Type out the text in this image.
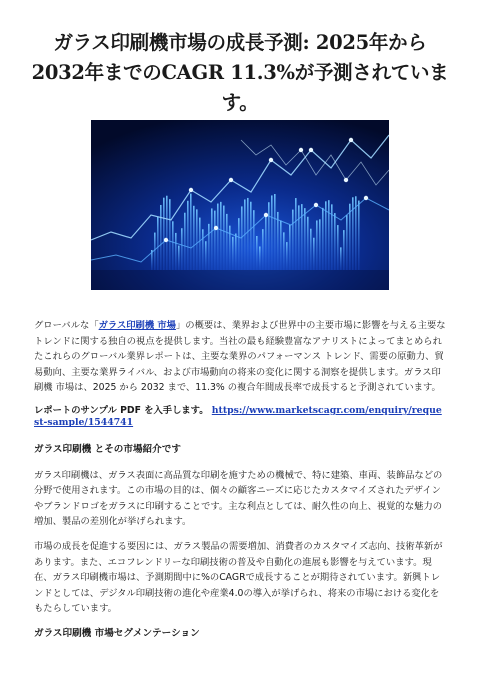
ガラス印刷機市場の成長予測: 2025年から2032年までのCAGR 11.3%が予測されています。

グローバルな「ガラス印刷機 市場」の概要は、業界および世界中の主要市場に影響を与える主要なトレンドに関する独自の視点を提供します。当社の最も経験豊富なアナリストによってまとめられたこれらのグローバル業界レポートは、主要な業界のパフォーマンス トレンド、需要の原動力、貿易動向、主要な業界ライバル、および市場動向の将来の変化に関する洞察を提供します。ガラス印刷機 市場は、2025 から 2032 まで、11.3% の複合年間成長率で成長すると予測されています。

レポートのサンプル PDF を入手します。 https://www.marketscagr.com/enquiry/request-sample/1544741

ガラス印刷機 とその市場紹介です

ガラス印刷機は、ガラス表面に高品質な印刷を施すための機械で、特に建築、車両、装飾品などの分野で使用されます。この市場の目的は、個々の顧客ニーズに応じたカスタマイズされたデザインやブランドロゴをガラスに印刷することです。主な利点としては、耐久性の向上、視覚的な魅力の増加、製品の差別化が挙げられます。

市場の成長を促進する要因には、ガラス製品の需要増加、消費者のカスタマイズ志向、技術革新があります。また、エコフレンドリーな印刷技術の普及や自動化の進展も影響を与えています。現在、ガラス印刷機市場は、予測期間中に%のCAGRで成長することが期待されています。新興トレンドとしては、デジタル印刷技術の進化や産業4.0の導入が挙げられ、将来の市場における変化をもたらしています。

ガラス印刷機 市場セグメンテーション
